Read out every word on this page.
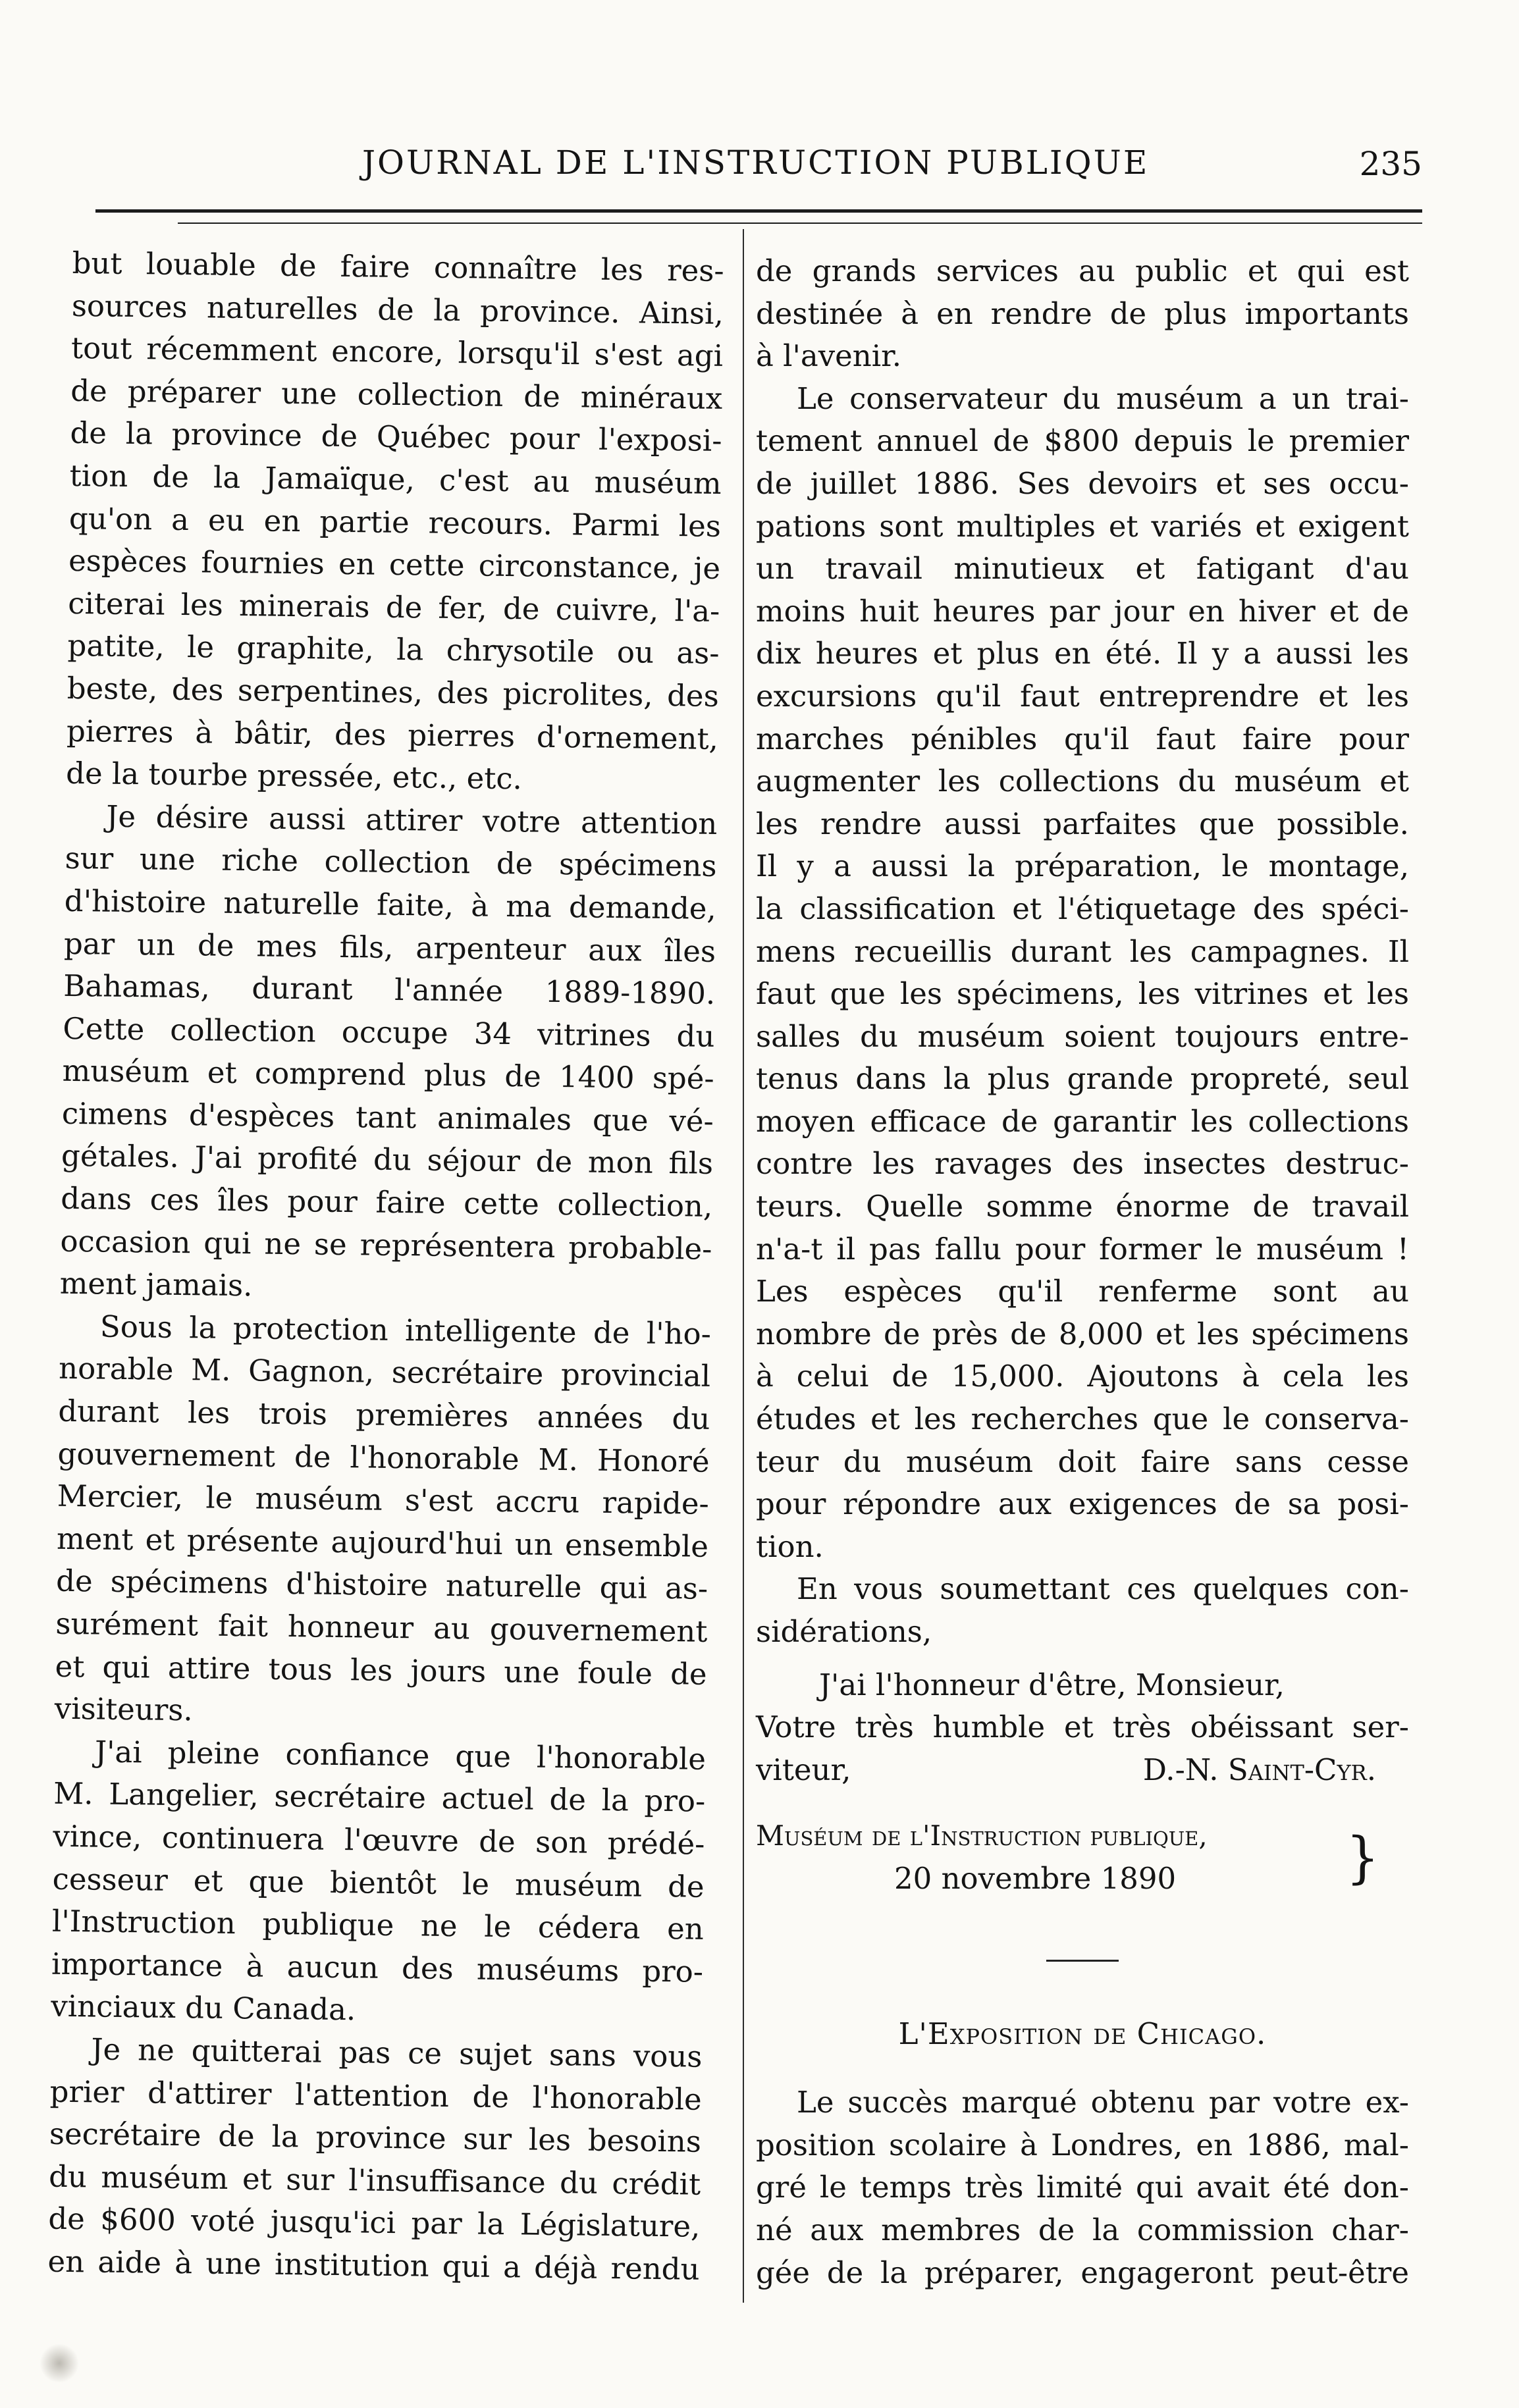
JOURNAL DE L'INSTRUCTION PUBLIQUE	235
but louable de faire connaître les res-
sources naturelles de la province. Ainsi,
tout récemment encore, lorsqu'il s'est agi
de préparer une collection de minéraux
de la province de Québec pour l'exposi-
tion de la Jamaïque, c'est au muséum
qu'on a eu en partie recours. Parmi les
espèces fournies en cette circonstance, je
citerai les minerais de fer, de cuivre, l'a-
patite, le graphite, la chrysotile ou as-
beste, des serpentines, des picrolites, des
pierres à bâtir, des pierres d'ornement,
de la tourbe pressée, etc., etc.
Je désire aussi attirer votre attention
sur une riche collection de spécimens
d'histoire naturelle faite, à ma demande,
par un de mes fils, arpenteur aux îles
Bahamas, durant l'année 1889-1890.
Cette collection occupe 34 vitrines du
muséum et comprend plus de 1400 spé-
cimens d'espèces tant animales que vé-
gétales. J'ai profité du séjour de mon fils
dans ces îles pour faire cette collection,
occasion qui ne se représentera probable-
ment jamais.
Sous la protection intelligente de l'ho-
norable M. Gagnon, secrétaire provincial
durant les trois premières années du
gouvernement de l'honorable M. Honoré
Mercier, le muséum s'est accru rapide-
ment et présente aujourd'hui un ensemble
de spécimens d'histoire naturelle qui as-
surément fait honneur au gouvernement
et qui attire tous les jours une foule de
visiteurs.
J'ai pleine confiance que l'honorable
M. Langelier, secrétaire actuel de la pro-
vince, continuera l'œuvre de son prédé-
cesseur et que bientôt le muséum de
l'Instruction publique ne le cédera en
importance à aucun des muséums pro-
vinciaux du Canada.
Je ne quitterai pas ce sujet sans vous
prier d'attirer l'attention de l'honorable
secrétaire de la province sur les besoins
du muséum et sur l'insuffisance du crédit
de $600 voté jusqu'ici par la Législature,
en aide à une institution qui a déjà rendu
de grands services au public et qui est
destinée à en rendre de plus importants
à l'avenir.
Le conservateur du muséum a un trai-
tement annuel de $800 depuis le premier
de juillet 1886. Ses devoirs et ses occu-
pations sont multiples et variés et exigent
un travail minutieux et fatigant d'au
moins huit heures par jour en hiver et de
dix heures et plus en été. Il y a aussi les
excursions qu'il faut entreprendre et les
marches pénibles qu'il faut faire pour
augmenter les collections du muséum et
les rendre aussi parfaites que possible.
Il y a aussi la préparation, le montage,
la classification et l'étiquetage des spéci-
mens recueillis durant les campagnes. Il
faut que les spécimens, les vitrines et les
salles du muséum soient toujours entre-
tenus dans la plus grande propreté, seul
moyen efficace de garantir les collections
contre les ravages des insectes destruc-
teurs. Quelle somme énorme de travail
n'a-t il pas fallu pour former le muséum !
Les espèces qu'il renferme sont au
nombre de près de 8,000 et les spécimens
à celui de 15,000. Ajoutons à cela les
études et les recherches que le conserva-
teur du muséum doit faire sans cesse
pour répondre aux exigences de sa posi-
tion.
En vous soumettant ces quelques con-
sidérations,
J'ai l'honneur d'être, Monsieur,
Votre très humble et très obéissant ser-
viteur,	D.-N. Saint-Cyr.
Muséum de l'Instruction publique,
20 novembre 1890	}
L'Exposition de Chicago.
Le succès marqué obtenu par votre ex-
position scolaire à Londres, en 1886, mal-
gré le temps très limité qui avait été don-
né aux membres de la commission char-
gée de la préparer, engageront peut-être
